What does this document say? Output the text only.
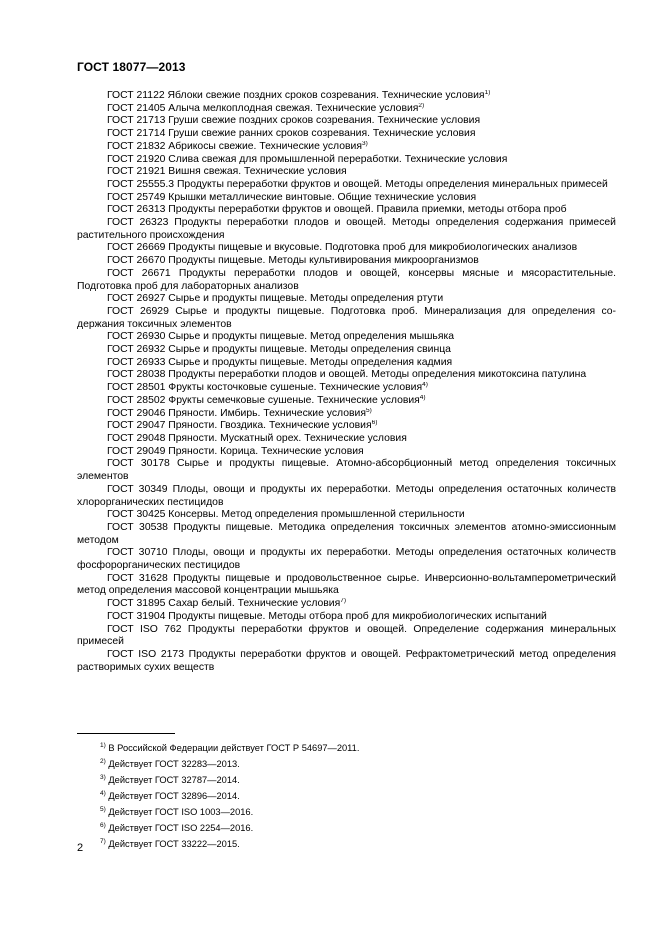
ГОСТ 18077—2013

ГОСТ 21122 Яблоки свежие поздних сроков созревания. Технические условия$^{1)}$

ГОСТ 21405 Алыча мелкоплодная свежая. Технические условия$^{2)}$

ГОСТ 21713 Груши свежие поздних сроков созревания. Технические условия

ГОСТ 21714 Груши свежие ранних сроков созревания. Технические условия

ГОСТ 21832 Абрикосы свежие. Технические условия$^{3)}$

ГОСТ 21920 Слива свежая для промышленной переработки. Технические условия

ГОСТ 21921 Вишня свежая. Технические условия

ГОСТ 25555.3 Продукты переработки фруктов и овощей. Методы определения минеральных примесей

ГОСТ 25749 Крышки металлические винтовые. Общие технические условия

ГОСТ 26313 Продукты переработки фруктов и овощей. Правила приемки, методы отбора проб

ГОСТ 26323 Продукты переработки плодов и овощей. Методы определения содержания примесей растительного происхождения

ГОСТ 26669 Продукты пищевые и вкусовые. Подготовка проб для микробиологических анализов

ГОСТ 26670 Продукты пищевые. Методы культивирования микроорганизмов

ГОСТ 26671 Продукты переработки плодов и овощей, консервы мясные и мясорастительные. Подготовка проб для лабораторных анализов

ГОСТ 26927 Сырье и продукты пищевые. Методы определения ртути

ГОСТ 26929 Сырье и продукты пищевые. Подготовка проб. Минерализация для определения содержания токсичных элементов

ГОСТ 26930 Сырье и продукты пищевые. Метод определения мышьяка

ГОСТ 26932 Сырье и продукты пищевые. Методы определения свинца

ГОСТ 26933 Сырье и продукты пищевые. Методы определения кадмия

ГОСТ 28038 Продукты переработки плодов и овощей. Методы определения микотоксина патулина

ГОСТ 28501 Фрукты косточковые сушеные. Технические условия$^{4)}$

ГОСТ 28502 Фрукты семечковые сушеные. Технические условия$^{4)}$

ГОСТ 29046 Пряности. Имбирь. Технические условия$^{5)}$

ГОСТ 29047 Пряности. Гвоздика. Технические условия$^{6)}$

ГОСТ 29048 Пряности. Мускатный орех. Технические условия

ГОСТ 29049 Пряности. Корица. Технические условия

ГОСТ 30178 Сырье и продукты пищевые. Атомно-абсорбционный метод определения токсичных элементов

ГОСТ 30349 Плоды, овощи и продукты их переработки. Методы определения остаточных количеств хлорорганических пестицидов

ГОСТ 30425 Консервы. Метод определения промышленной стерильности

ГОСТ 30538 Продукты пищевые. Методика определения токсичных элементов атомно-эмиссионным методом

ГОСТ 30710 Плоды, овощи и продукты их переработки. Методы определения остаточных количеств фосфорорганических пестицидов

ГОСТ 31628 Продукты пищевые и продовольственное сырье. Инверсионно-вольтамперометрический метод определения массовой концентрации мышьяка

ГОСТ 31895 Сахар белый. Технические условия$^{7)}$

ГОСТ 31904 Продукты пищевые. Методы отбора проб для микробиологических испытаний

ГОСТ ISO 762 Продукты переработки фруктов и овощей. Определение содержания минеральных примесей

ГОСТ ISO 2173 Продукты переработки фруктов и овощей. Рефрактометрический метод определения растворимых сухих веществ

$^{1)}$ В Российской Федерации действует ГОСТ Р 54697—2011.
$^{2)}$ Действует ГОСТ 32283—2013.
$^{3)}$ Действует ГОСТ 32787—2014.
$^{4)}$ Действует ГОСТ 32896—2014.
$^{5)}$ Действует ГОСТ ISO 1003—2016.
$^{6)}$ Действует ГОСТ ISO 2254—2016.
$^{7)}$ Действует ГОСТ 33222—2015.
2
